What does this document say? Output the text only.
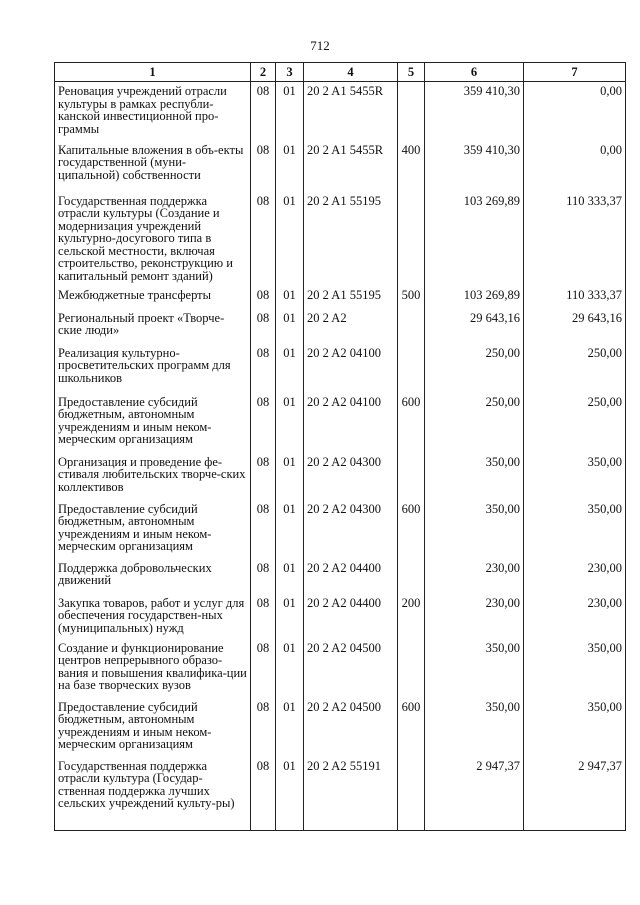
712
1	2	3	4	5	6	7
Реновация учреждений отрасли культуры в рамках республи-канской инвестиционной про-граммы	08	01	20 2 A1 5455R		359 410,30	0,00
Капитальные вложения в объ-екты государственной (муни-ципальной) собственности	08	01	20 2 A1 5455R	400	359 410,30	0,00
Государственная поддержка отрасли культуры (Создание и модернизация учреждений культурно-досугового типа в сельской местности, включая строительство, реконструкцию и капитальный ремонт зданий)	08	01	20 2 A1 55195		103 269,89	110 333,37
Межбюджетные трансферты	08	01	20 2 A1 55195	500	103 269,89	110 333,37
Региональный проект «Творче-ские люди»	08	01	20 2 A2		29 643,16	29 643,16
Реализация культурно-просветительских программ для школьников	08	01	20 2 A2 04100		250,00	250,00
Предоставление субсидий бюджетным, автономным учреждениям и иным неком-мерческим организациям	08	01	20 2 A2 04100	600	250,00	250,00
Организация и проведение фе-стиваля любительских творче-ских коллективов	08	01	20 2 A2 04300		350,00	350,00
Предоставление субсидий бюджетным, автономным учреждениям и иным неком-мерческим организациям	08	01	20 2 A2 04300	600	350,00	350,00
Поддержка добровольческих движений	08	01	20 2 A2 04400		230,00	230,00
Закупка товаров, работ и услуг для обеспечения государствен-ных (муниципальных) нужд	08	01	20 2 A2 04400	200	230,00	230,00
Создание и функционирование центров непрерывного образо-вания и повышения квалифика-ции на базе творческих вузов	08	01	20 2 A2 04500		350,00	350,00
Предоставление субсидий бюджетным, автономным учреждениям и иным неком-мерческим организациям	08	01	20 2 A2 04500	600	350,00	350,00
Государственная поддержка отрасли культура (Государ-ственная поддержка лучших сельских учреждений культу-ры)	08	01	20 2 A2 55191		2 947,37	2 947,37
